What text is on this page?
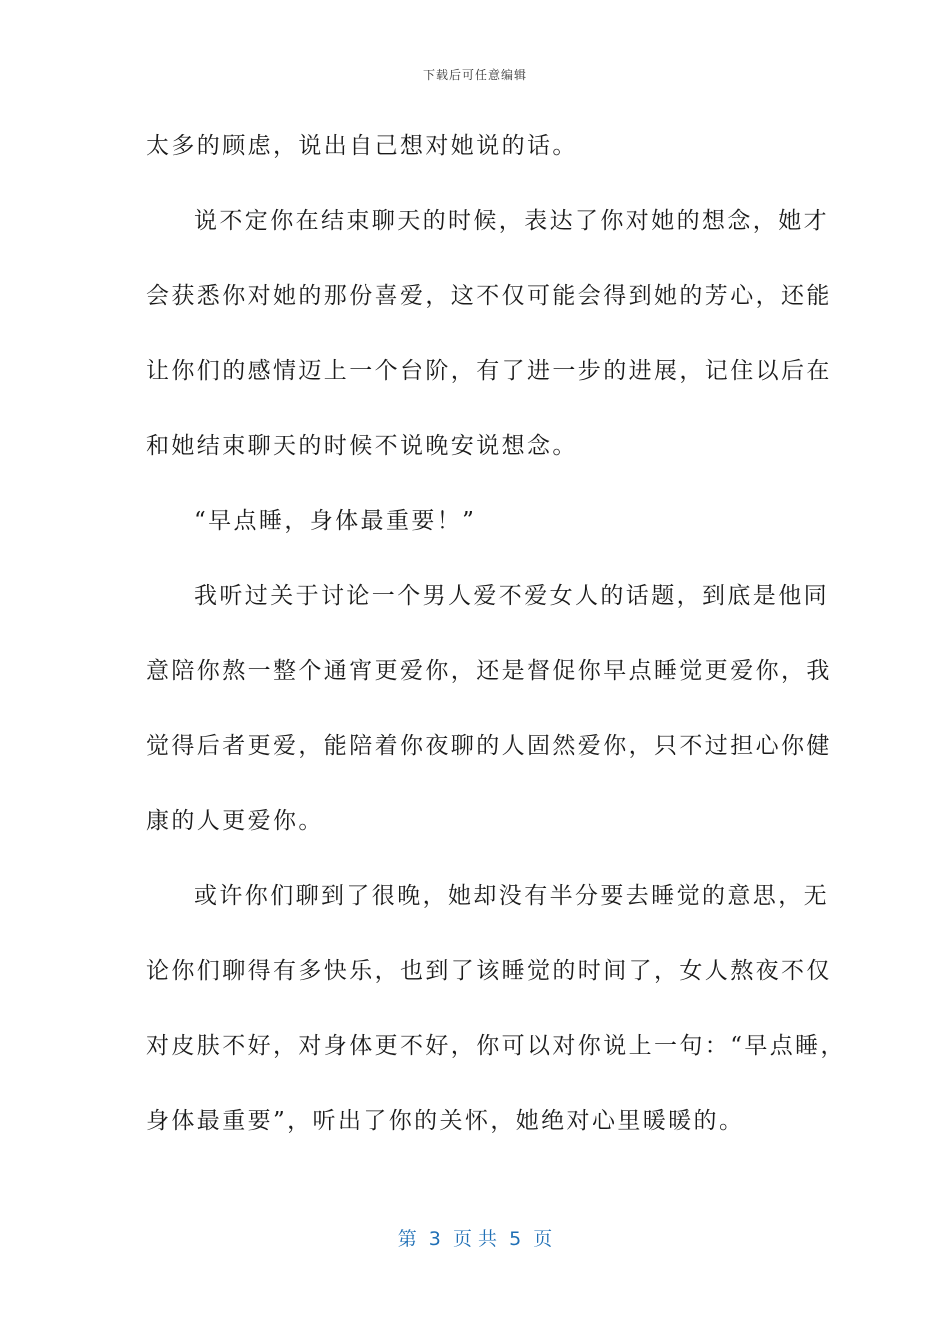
下载后可任意编辑
太多的顾虑，说出自己想对她说的话。
说不定你在结束聊天的时候，表达了你对她的想念，她才
会获悉你对她的那份喜爱，这不仅可能会得到她的芳心，还能
让你们的感情迈上一个台阶，有了进一步的进展，记住以后在
和她结束聊天的时候不说晚安说想念。
“早点睡，身体最重要！”
我听过关于讨论一个男人爱不爱女人的话题，到底是他同
意陪你熬一整个通宵更爱你，还是督促你早点睡觉更爱你，我
觉得后者更爱，能陪着你夜聊的人固然爱你，只不过担心你健
康的人更爱你。
或许你们聊到了很晚，她却没有半分要去睡觉的意思，无
论你们聊得有多快乐，也到了该睡觉的时间了，女人熬夜不仅
对皮肤不好，对身体更不好，你可以对你说上一句：“早点睡，
身体最重要”，听出了你的关怀，她绝对心里暖暖的。
第  3  页 共  5  页
